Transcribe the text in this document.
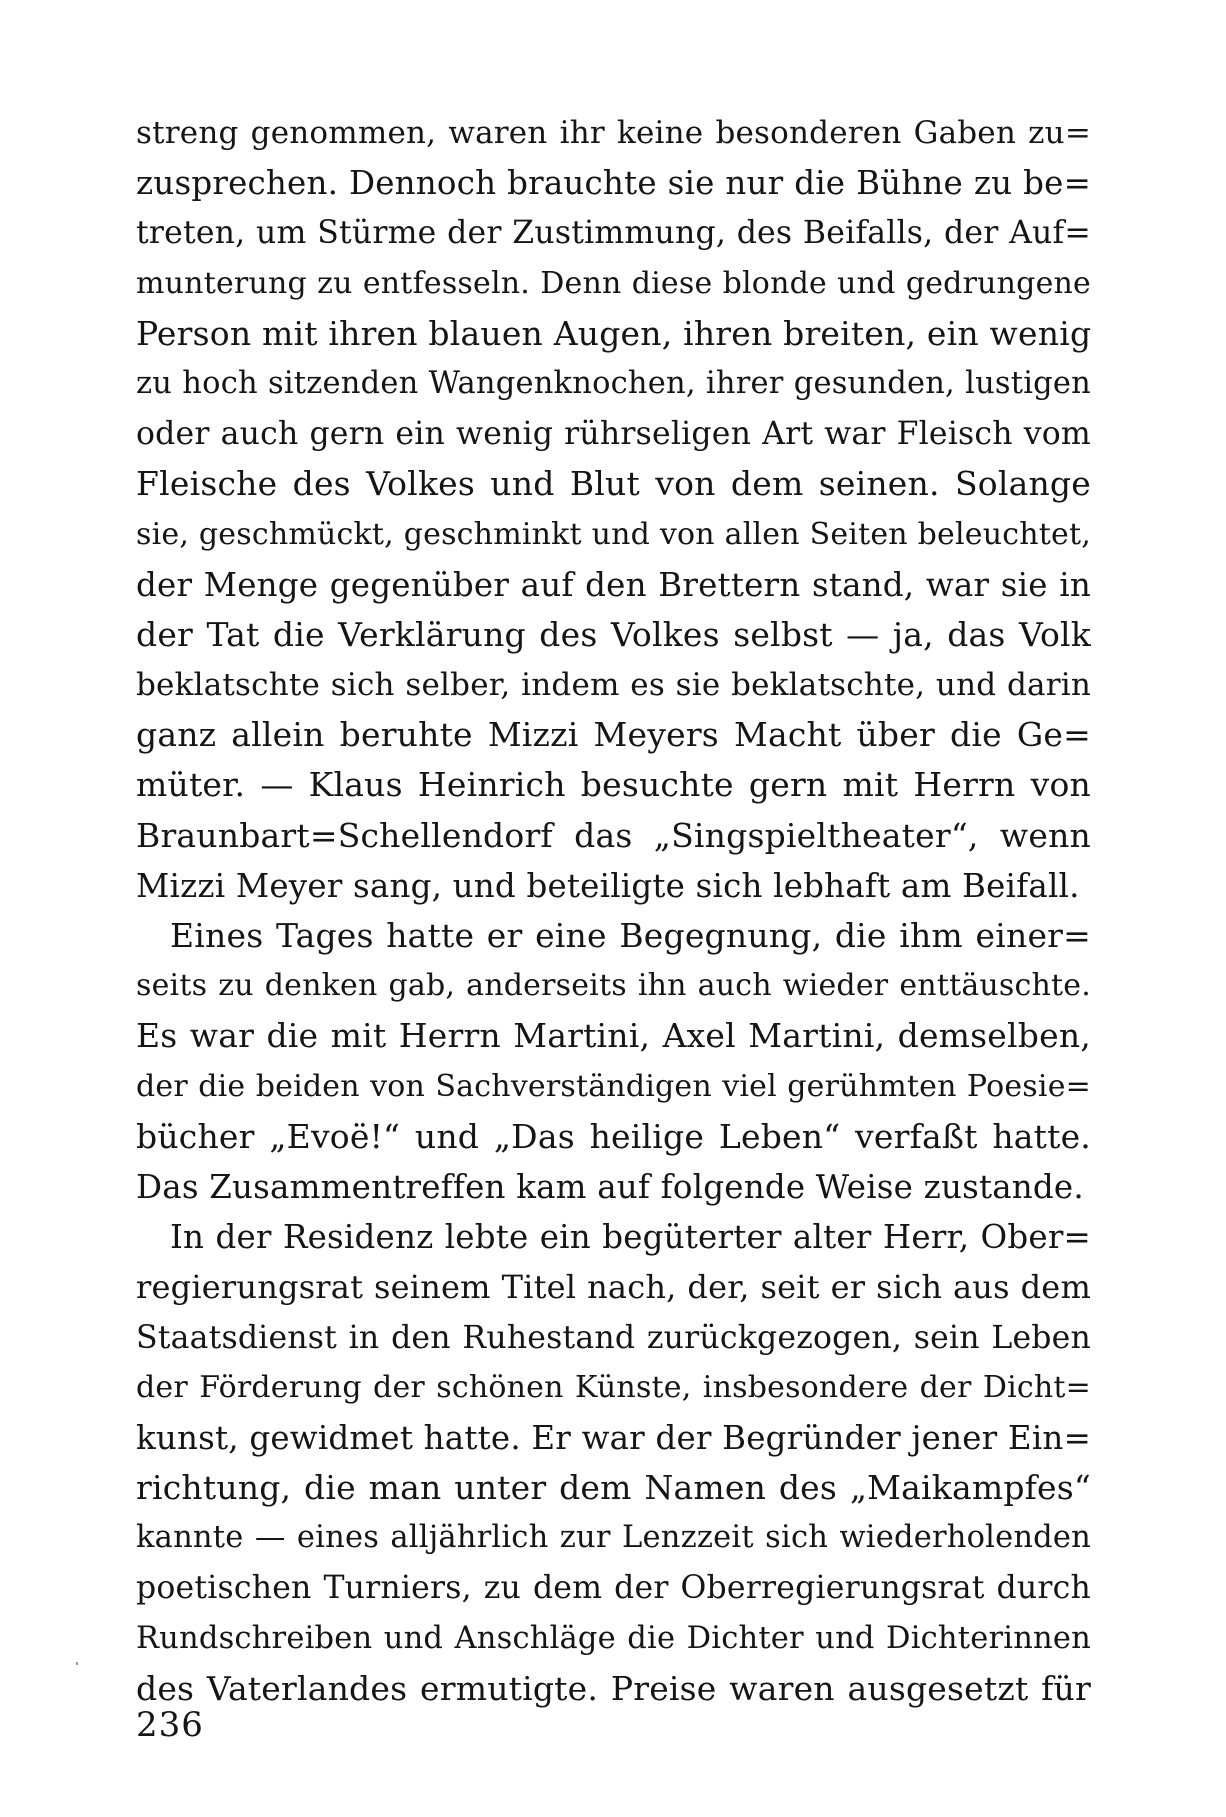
streng genommen, waren ihr keine besonderen Gaben zu=
zusprechen. Dennoch brauchte sie nur die Bühne zu be=
treten, um Stürme der Zustimmung, des Beifalls, der Auf=
munterung zu entfesseln. Denn diese blonde und gedrungene
Person mit ihren blauen Augen, ihren breiten, ein wenig
zu hoch sitzenden Wangenknochen, ihrer gesunden, lustigen
oder auch gern ein wenig rührseligen Art war Fleisch vom
Fleische des Volkes und Blut von dem seinen. Solange
sie, geschmückt, geschminkt und von allen Seiten beleuchtet,
der Menge gegenüber auf den Brettern stand, war sie in
der Tat die Verklärung des Volkes selbst — ja, das Volk
beklatschte sich selber, indem es sie beklatschte, und darin
ganz allein beruhte Mizzi Meyers Macht über die Ge=
müter. — Klaus Heinrich besuchte gern mit Herrn von
Braunbart=Schellendorf das „Singspieltheater“, wenn
Mizzi Meyer sang, und beteiligte sich lebhaft am Beifall.
Eines Tages hatte er eine Begegnung, die ihm einer=
seits zu denken gab, anderseits ihn auch wieder enttäuschte.
Es war die mit Herrn Martini, Axel Martini, demselben,
der die beiden von Sachverständigen viel gerühmten Poesie=
bücher „Evoë!“ und „Das heilige Leben“ verfaßt hatte.
Das Zusammentreffen kam auf folgende Weise zustande.
In der Residenz lebte ein begüterter alter Herr, Ober=
regierungsrat seinem Titel nach, der, seit er sich aus dem
Staatsdienst in den Ruhestand zurückgezogen, sein Leben
der Förderung der schönen Künste, insbesondere der Dicht=
kunst, gewidmet hatte. Er war der Begründer jener Ein=
richtung, die man unter dem Namen des „Maikampfes“
kannte — eines alljährlich zur Lenzzeit sich wiederholenden
poetischen Turniers, zu dem der Oberregierungsrat durch
Rundschreiben und Anschläge die Dichter und Dichterinnen
des Vaterlandes ermutigte. Preise waren ausgesetzt für
236
